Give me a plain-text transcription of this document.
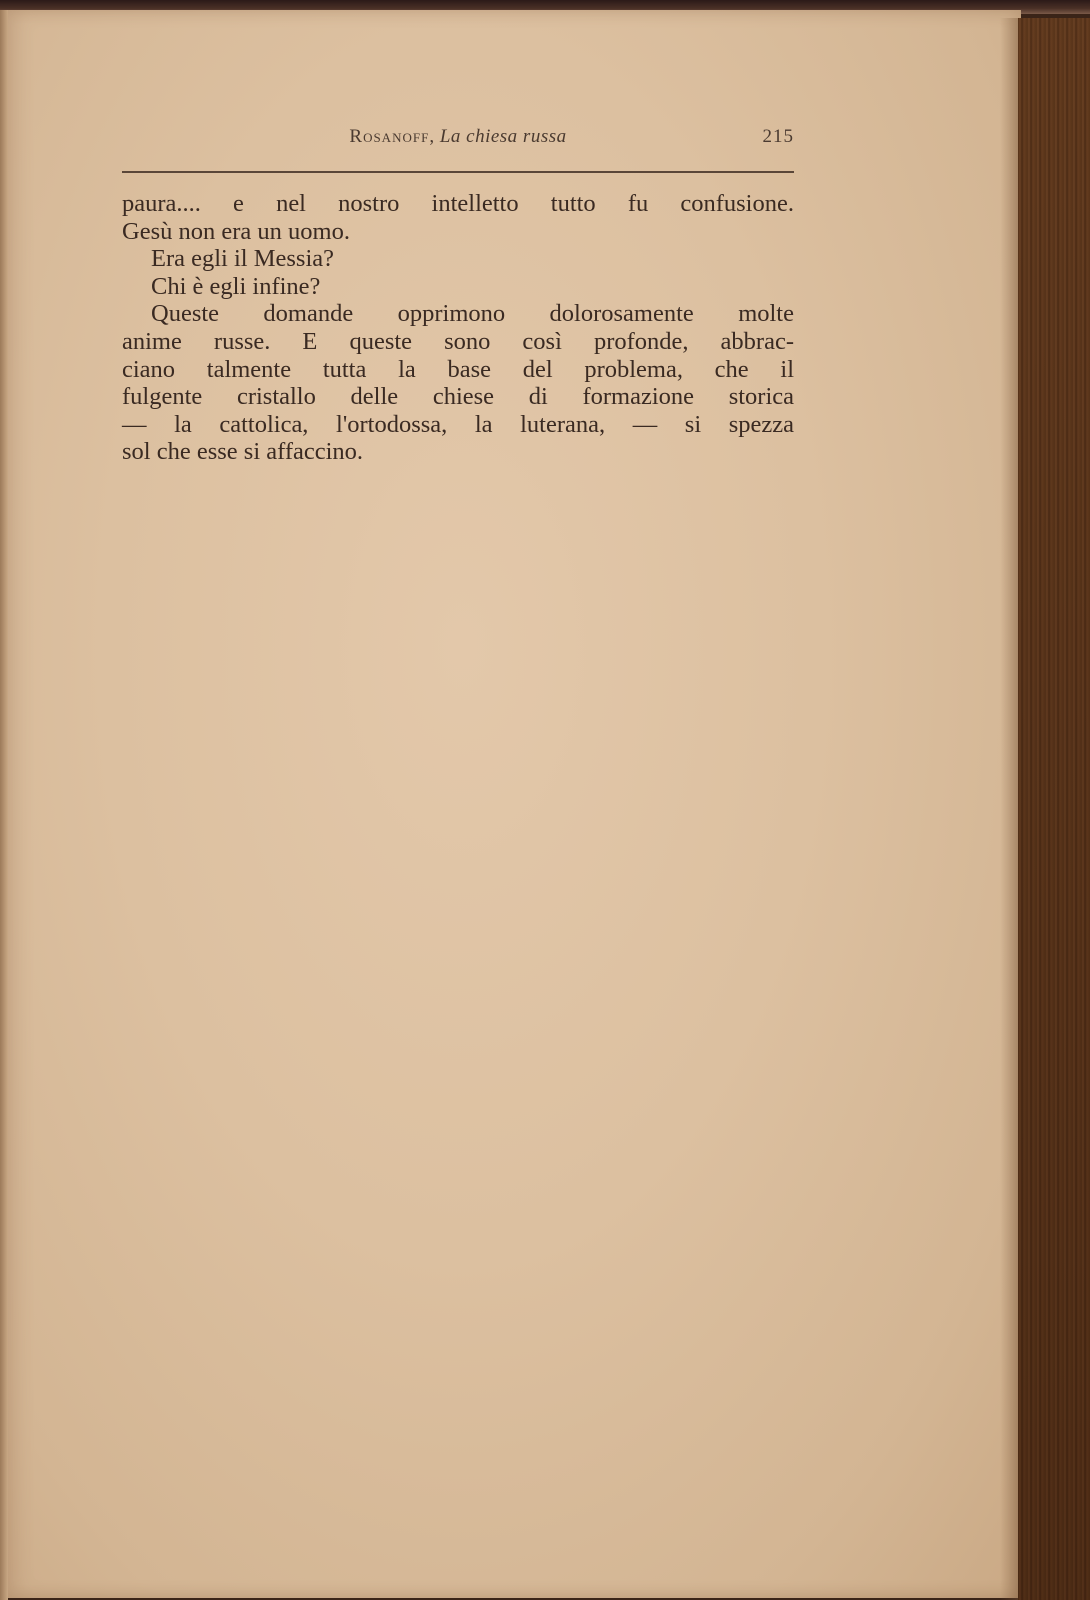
Rosanoff, La chiesa russa	215

paura.... e nel nostro intelletto tutto fu confusione.

Gesù non era un uomo.

Era egli il Messia?

Chi è egli infine?

Queste domande opprimono dolorosamente molte

anime russe. E queste sono così profonde, abbrac-

ciano talmente tutta la base del problema, che il

fulgente cristallo delle chiese di formazione storica

— la cattolica, l'ortodossa, la luterana, — si spezza

sol che esse si affaccino.
